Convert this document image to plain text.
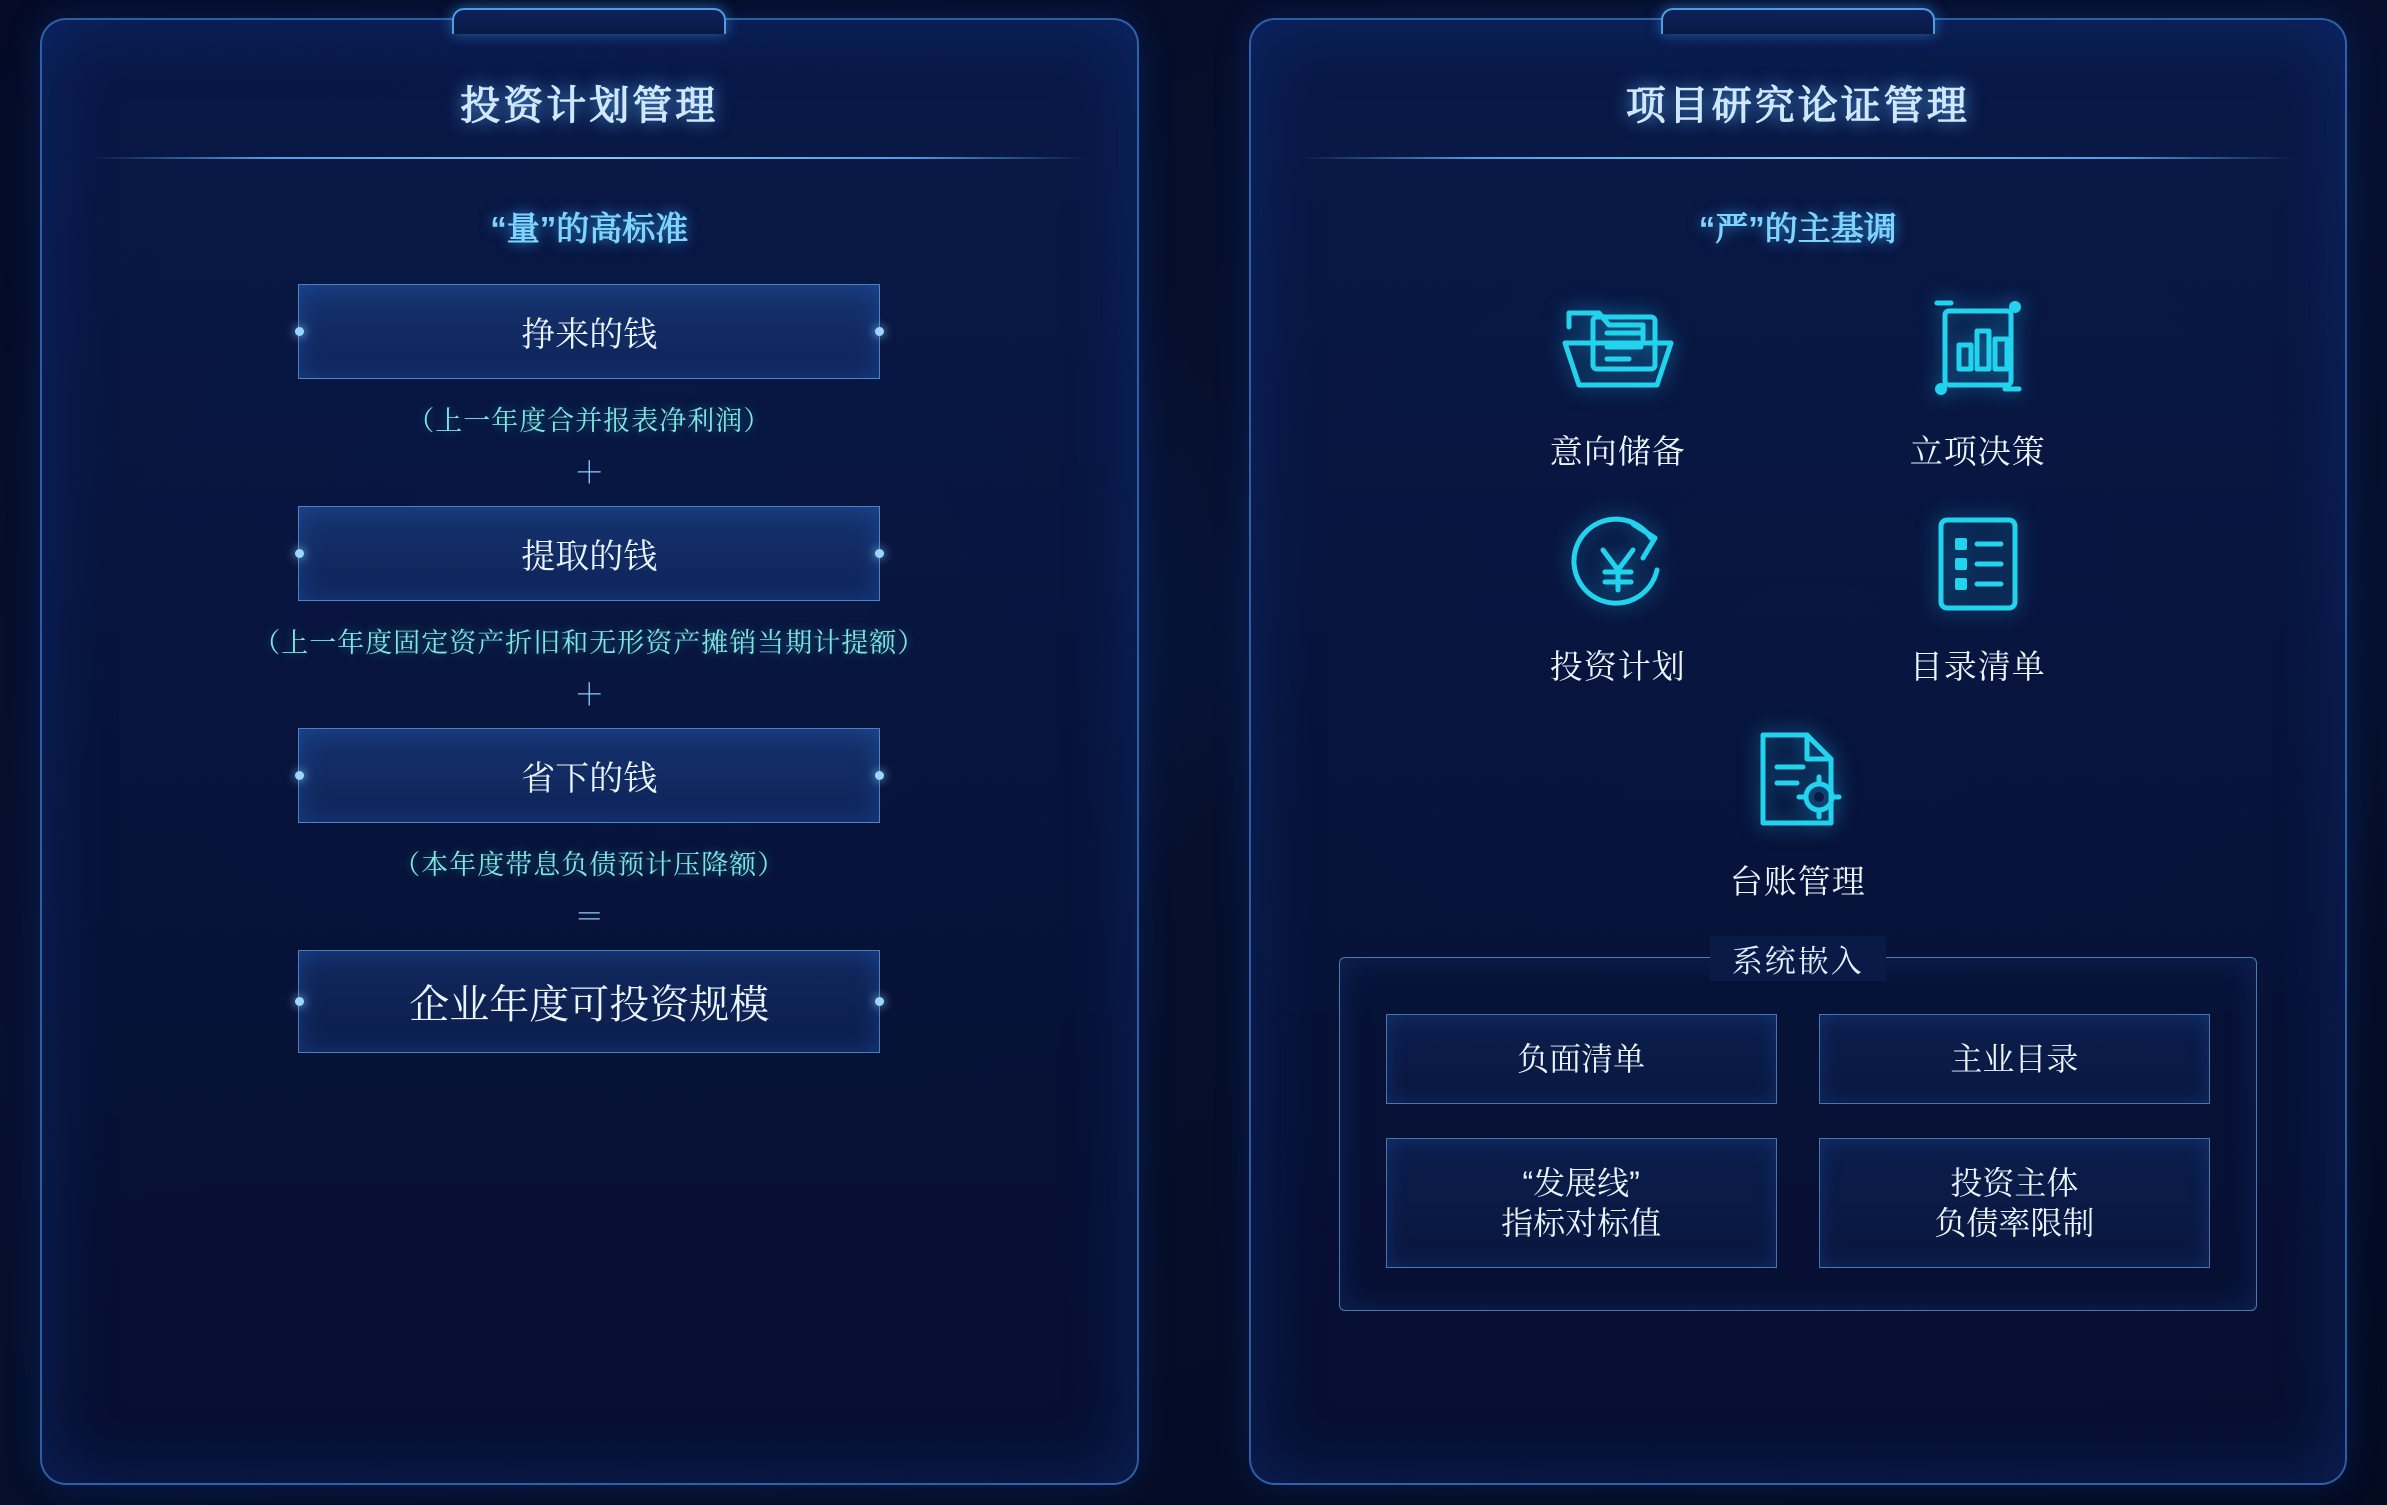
投资计划管理
“量”的高标准
挣来的钱
（上一年度合并报表净利润）
＋
提取的钱
（上一年度固定资产折旧和无形资产摊销当期计提额）
＋
省下的钱
（本年度带息负债预计压降额）
＝
企业年度可投资规模
项目研究论证管理
“严”的主基调
意向储备	立项决策
投资计划	目录清单
台账管理
系统嵌入
负面清单	主业目录
“发展线”
指标对标值
投资主体
负债率限制
